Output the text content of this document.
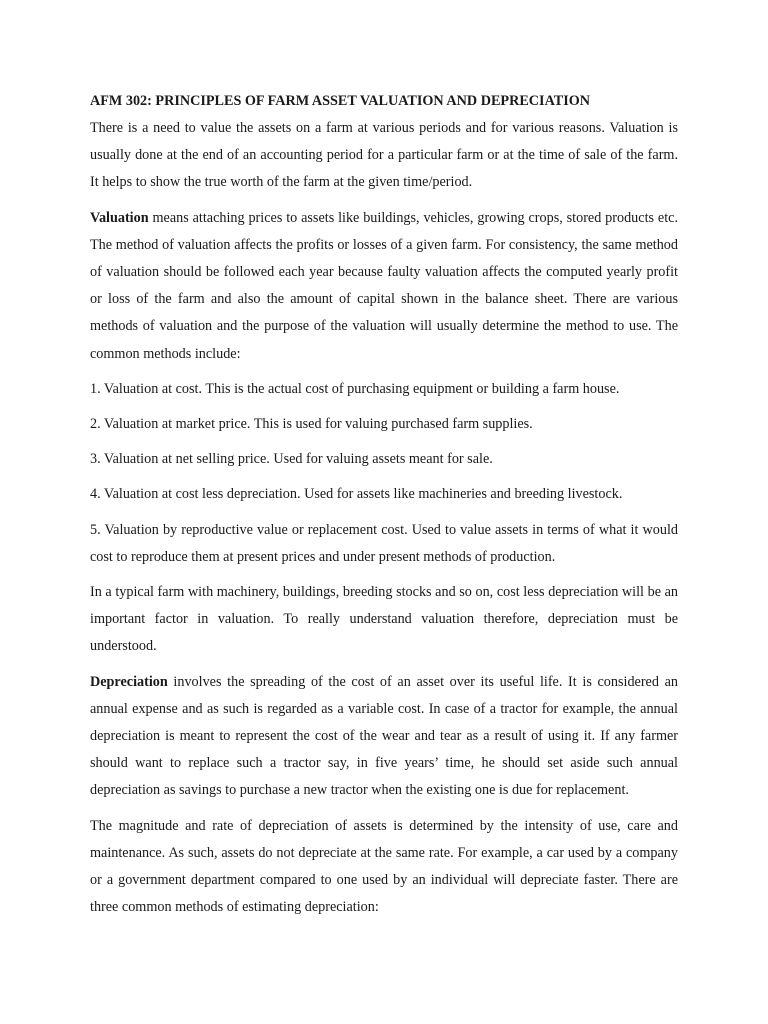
AFM 302: PRINCIPLES OF FARM ASSET VALUATION AND DEPRECIATION

There is a need to value the assets on a farm at various periods and for various reasons. Valuation is usually done at the end of an accounting period for a particular farm or at the time of sale of the farm. It helps to show the true worth of the farm at the given time/period.

Valuation means attaching prices to assets like buildings, vehicles, growing crops, stored products etc. The method of valuation affects the profits or losses of a given farm. For consistency, the same method of valuation should be followed each year because faulty valuation affects the computed yearly profit or loss of the farm and also the amount of capital shown in the balance sheet. There are various methods of valuation and the purpose of the valuation will usually determine the method to use. The common methods include:

1. Valuation at cost. This is the actual cost of purchasing equipment or building a farm house.

2. Valuation at market price. This is used for valuing purchased farm supplies.

3. Valuation at net selling price. Used for valuing assets meant for sale.

4. Valuation at cost less depreciation. Used for assets like machineries and breeding livestock.

5. Valuation by reproductive value or replacement cost. Used to value assets in terms of what it would cost to reproduce them at present prices and under present methods of production.

In a typical farm with machinery, buildings, breeding stocks and so on, cost less depreciation will be an important factor in valuation. To really understand valuation therefore, depreciation must be understood.

Depreciation involves the spreading of the cost of an asset over its useful life. It is considered an annual expense and as such is regarded as a variable cost. In case of a tractor for example, the annual depreciation is meant to represent the cost of the wear and tear as a result of using it. If any farmer should want to replace such a tractor say, in five years’ time, he should set aside such annual depreciation as savings to purchase a new tractor when the existing one is due for replacement.

The magnitude and rate of depreciation of assets is determined by the intensity of use, care and maintenance. As such, assets do not depreciate at the same rate. For example, a car used by a company or a government department compared to one used by an individual will depreciate faster. There are three common methods of estimating depreciation:
